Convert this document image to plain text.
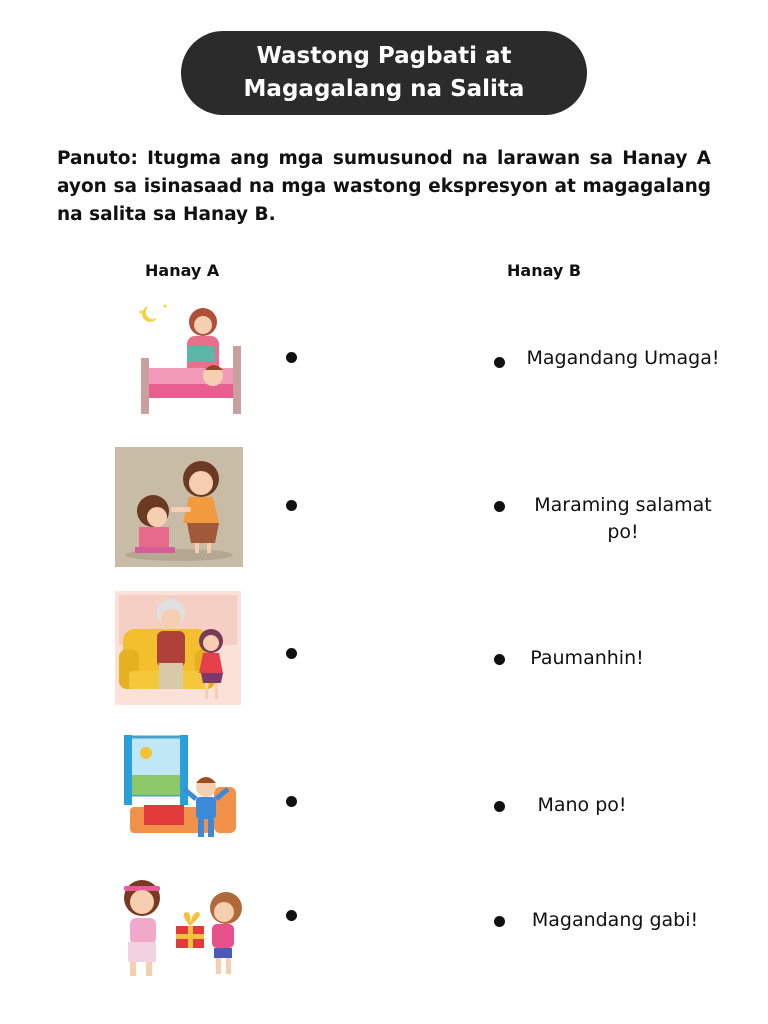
Wastong Pagbati at
Magagalang na Salita
Panuto: Itugma ang mga sumusunod na larawan sa Hanay A ayon sa isinasaad na mga wastong ekspresyon at magagalang na salita sa Hanay B.
Hanay A	Hanay B
Magandang Umaga!
Maraming salamat po!
Paumanhin!
Mano po!
Magandang gabi!
